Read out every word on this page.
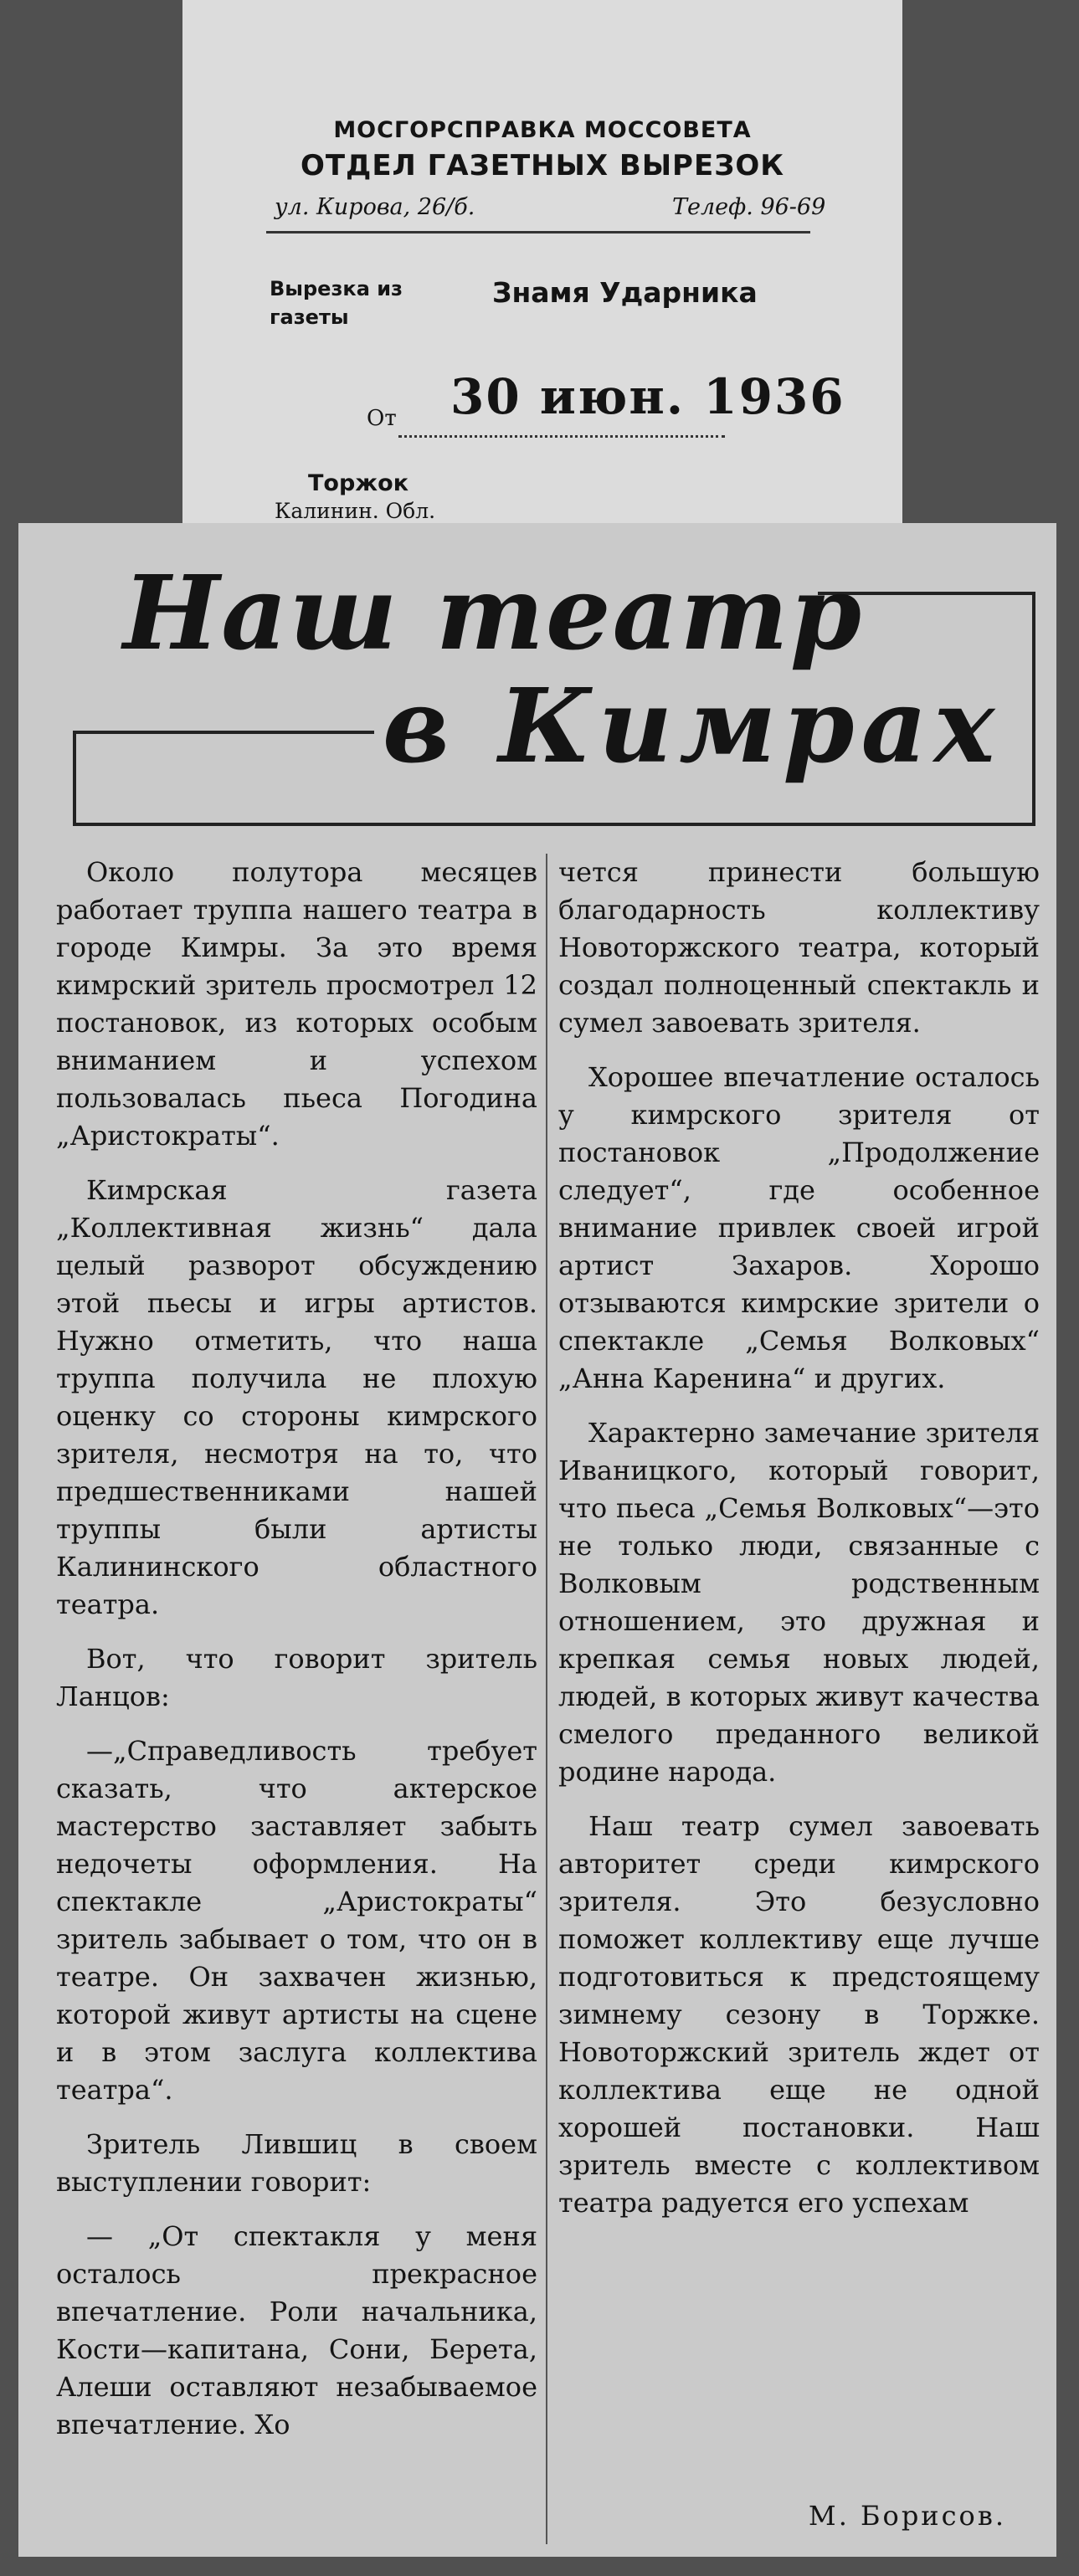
МОСГОРСПРАВКА МОССОВЕТА

ОТДЕЛ ГАЗЕТНЫХ ВЫРЕЗОК

ул. Кирова, 26/б.	Телеф. 96-69

Вырезка из газеты

Знамя Ударника

От 30 июн. 1936

Торжок

Калинин. Обл.

Наш театр

в Кимрах

Около полутора месяцев работает труппа нашего театра в городе Кимры. За это время кимрский зритель просмотрел 12 постановок, из которых особым вниманием и успехом пользовалась пьеса Погодина „Аристократы“.

Кимрская газета „Коллективная жизнь“ дала целый разворот обсуждению этой пьесы и игры артистов. Нужно отметить, что наша труппа получила не плохую оценку со стороны кимрского зрителя, несмотря на то, что предшественниками нашей труппы были артисты Калининского областного театра.

Вот, что говорит зритель Ланцов:

—„Справедливость требует сказать, что актерское мастерство заставляет забыть недочеты оформления. На спектакле „Аристократы“ зритель забывает о том, что он в театре. Он захвачен жизнью, которой живут артисты на сцене и в этом заслуга коллектива театра“.

Зритель Лившиц в своем выступлении говорит:

— „От спектакля у меня осталось прекрасное впечатление. Роли начальника, Кости—капитана, Сони, Берета, Алеши оставляют незабываемое впечатление. Хо

чется принести большую благодарность коллективу Новоторжского театра, который создал полноценный спектакль и сумел завоевать зрителя.

Хорошее впечатление осталось у кимрского зрителя от постановок „Продолжение следует“, где особенное внимание привлек своей игрой артист Захаров. Хорошо отзываются кимрские зрители о спектакле „Семья Волковых“ „Анна Каренина“ и других.

Характерно замечание зрителя Иваницкого, который говорит, что пьеса „Семья Волковых“—это не только люди, связанные с Волковым родственным отношением, это дружная и крепкая семья новых людей, людей, в которых живут качества смелого преданного великой родине народа.

Наш театр сумел завоевать авторитет среди кимрского зрителя. Это безусловно поможет коллективу еще лучше подготовиться к предстоящему зимнему сезону в Торжке. Новоторжский зритель ждет от коллектива еще не одной хорошей постановки. Наш зритель вместе с коллективом театра радуется его успехам

М. Борисов.
